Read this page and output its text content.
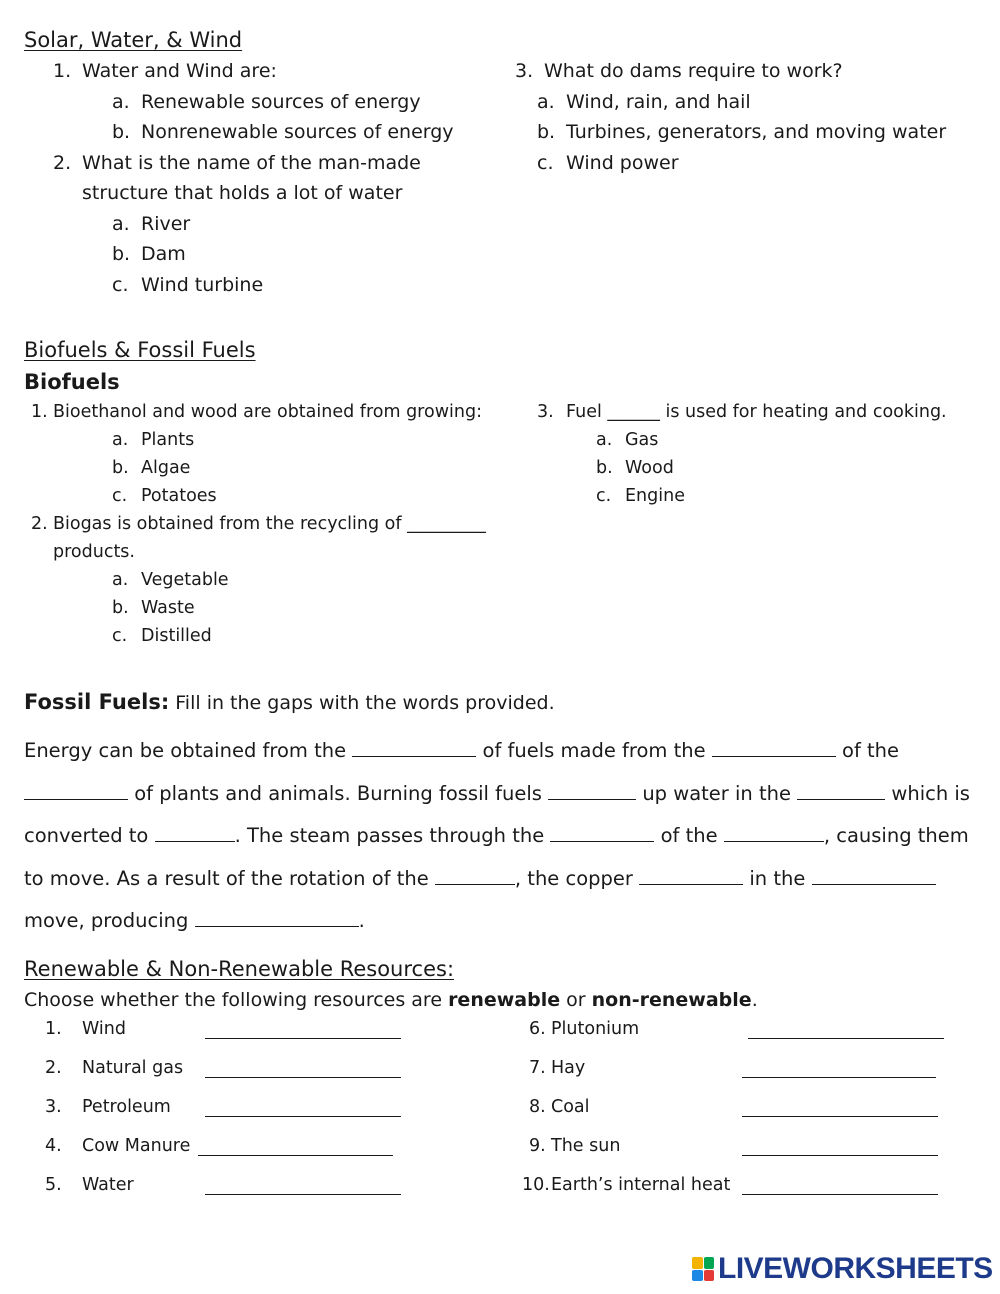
Solar, Water, & Wind
1. Water and Wind are:
a. Renewable sources of energy
b. Nonrenewable sources of energy
2. What is the name of the man-made
structure that holds a lot of water
a. River
b. Dam
c. Wind turbine
3. What do dams require to work?
a. Wind, rain, and hail
b. Turbines, generators, and moving water
c. Wind power
Biofuels & Fossil Fuels
Biofuels
1. Bioethanol and wood are obtained from growing:
a. Plants
b. Algae
c. Potatoes
2. Biogas is obtained from the recycling of _________
products.
a. Vegetable
b. Waste
c. Distilled
3. Fuel ______ is used for heating and cooking.
a. Gas
b. Wood
c. Engine
Fossil Fuels: Fill in the gaps with the words provided.
Energy can be obtained from the	of fuels made from the	of the  of plants and animals. Burning fossil fuels	up water in the	which is converted to	. The steam passes through the	of the	, causing them to move. As a result of the rotation of the	, the copper	in the  move, producing	.
Renewable & Non-Renewable Resources:
Choose whether the following resources are renewable or non-renewable.
1. Wind
2. Natural gas
3. Petroleum
4. Cow Manure
5. Water
6. Plutonium
7. Hay
8. Coal
9. The sun
10. Earth’s internal heat
LIVEWORKSHEETS
